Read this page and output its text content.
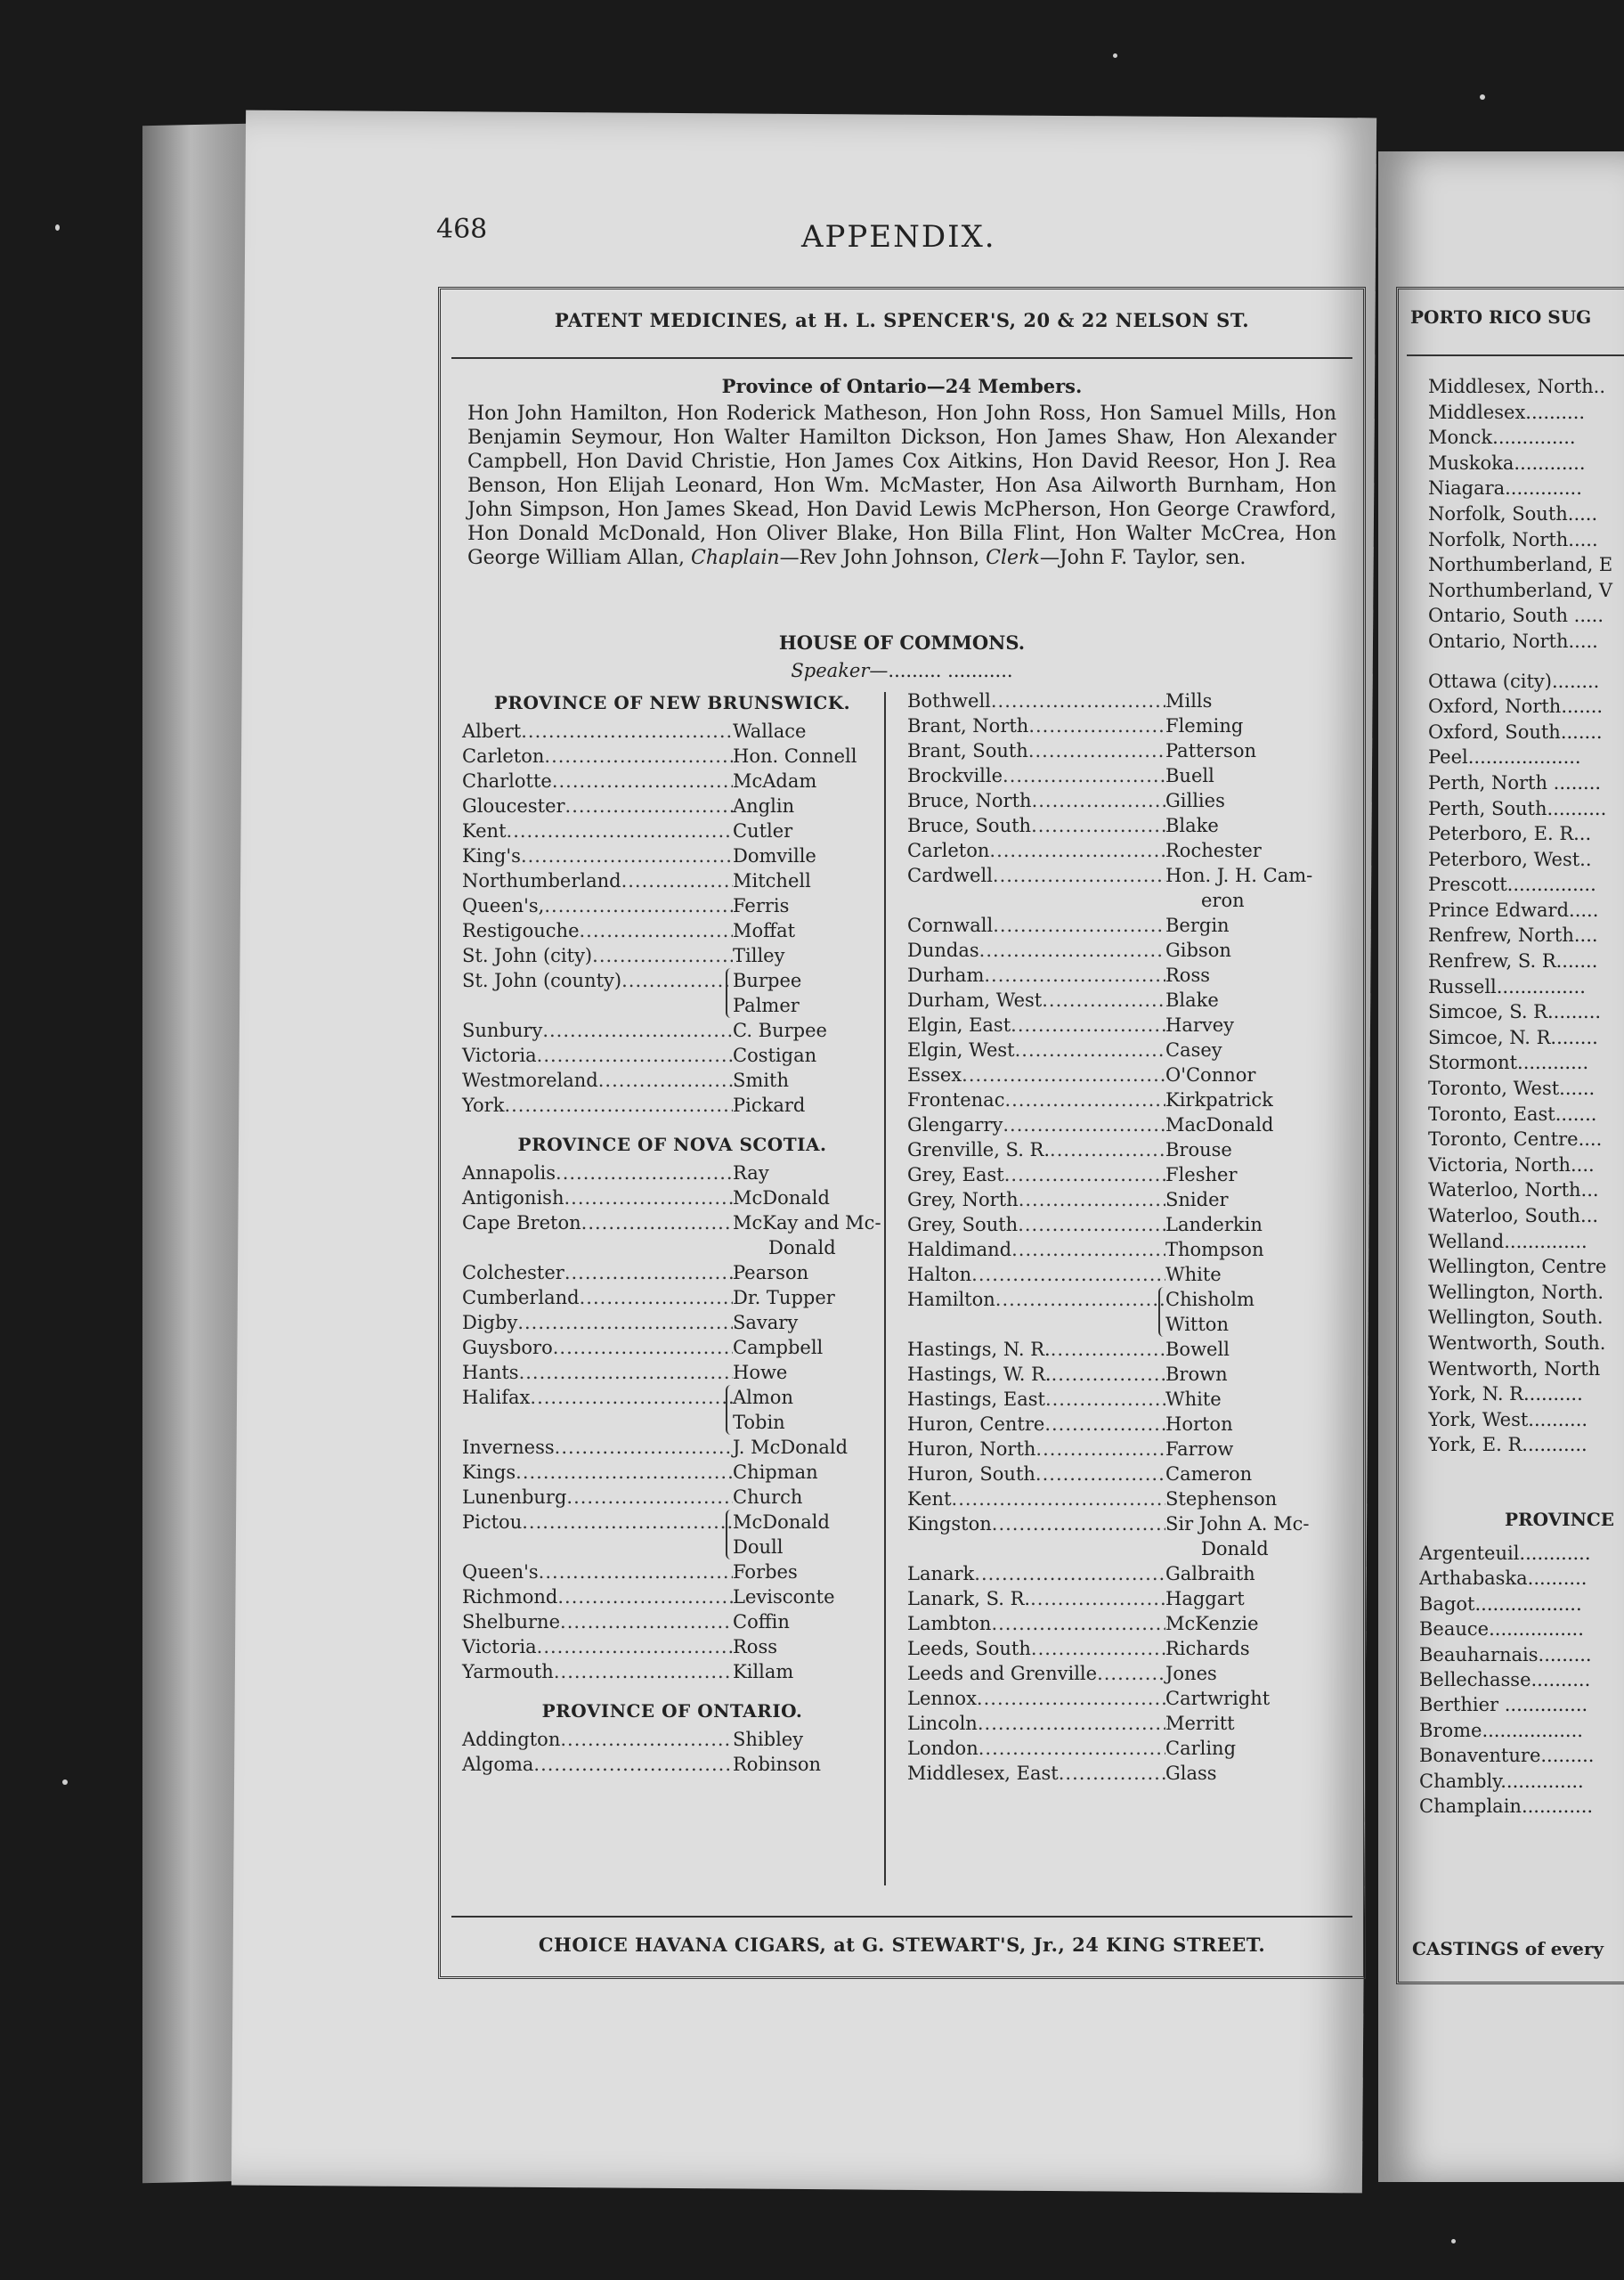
468	APPENDIX.
PATENT MEDICINES, at H. L. SPENCER'S, 20 & 22 NELSON ST.
Province of Ontario—24 Members.
Hon John Hamilton, Hon Roderick Matheson, Hon John Ross, Hon Samuel Mills, Hon Benjamin Seymour, Hon Walter Hamilton Dickson, Hon James Shaw, Hon Alexander Campbell, Hon David Christie, Hon James Cox Aitkins, Hon David Reesor, Hon J. Rea Benson, Hon Elijah Leonard, Hon Wm. McMaster, Hon Asa Ailworth Burnham, Hon John Simpson, Hon James Skead, Hon David Lewis McPherson, Hon George Crawford, Hon Donald McDonald, Hon Oliver Blake, Hon Billa Flint, Hon Walter McCrea, Hon George William Allan, Chaplain—Rev John Johnson, Clerk—John F. Taylor, sen.
HOUSE OF COMMONS.
Speaker—......... ...........
PROVINCE OF NEW BRUNSWICK.
Albert .....	Wallace
Carleton .....	Hon. Connell
Charlotte .....	McAdam
Gloucester .....	Anglin
Kent .....	Cutler
King's .....	Domville
Northumberland .....	Mitchell
Queen's, .....	Ferris
Restigouche .....	Moffat
St. John (city) .....	Tilley
St. John (county) .....	Burpee
Palmer
Sunbury .....	C. Burpee
Victoria .....	Costigan
Westmoreland .....	Smith
York .....	Pickard
PROVINCE OF NOVA SCOTIA.
Annapolis .....	Ray
Antigonish .....	McDonald
Cape Breton .....	McKay and Mc-
Donald
Colchester .....	Pearson
Cumberland .....	Dr. Tupper
Digby .....	Savary
Guysboro .....	Campbell
Hants .....	Howe
Halifax .....	Almon
Tobin
Inverness .....	J. McDonald
Kings .....	Chipman
Lunenburg .....	Church
Pictou .....	McDonald
Doull
Queen's .....	Forbes
Richmond .....	Levisconte
Shelburne .....	Coffin
Victoria .....	Ross
Yarmouth .....	Killam
PROVINCE OF ONTARIO.
Addington .....	Shibley
Algoma .....	Robinson
Bothwell .....	Mills
Brant, North .....	Fleming
Brant, South .....	Patterson
Brockville .....	Buell
Bruce, North .....	Gillies
Bruce, South .....	Blake
Carleton .....	Rochester
Cardwell .....	Hon. J. H. Cam-
eron
Cornwall .....	Bergin
Dundas .....	Gibson
Durham .....	Ross
Durham, West .....	Blake
Elgin, East .....	Harvey
Elgin, West .....	Casey
Essex .....	O'Connor
Frontenac .....	Kirkpatrick
Glengarry .....	MacDonald
Grenville, S. R. .....	Brouse
Grey, East .....	Flesher
Grey, North .....	Snider
Grey, South .....	Landerkin
Haldimand .....	Thompson
Halton .....	White
Hamilton .....	Chisholm
Witton
Hastings, N. R. .....	Bowell
Hastings, W. R. .....	Brown
Hastings, East .....	White
Huron, Centre .....	Horton
Huron, North .....	Farrow
Huron, South .....	Cameron
Kent .....	Stephenson
Kingston .....	Sir John A. Mc-
Donald
Lanark .....	Galbraith
Lanark, S. R. .....	Haggart
Lambton .....	McKenzie
Leeds, South .....	Richards
Leeds and Grenville .....	Jones
Lennox .....	Cartwright
Lincoln .....	Merritt
London .....	Carling
Middlesex, East .....	Glass
CHOICE HAVANA CIGARS, at G. STEWART'S, Jr., 24 KING STREET.
PORTO RICO SUG
Middlesex, North..
Middlesex..........
Monck..............
Muskoka............
Niagara.............
Norfolk, South.....
Norfolk, North.....
Northumberland, E
Northumberland, V
Ontario, South .....
Ontario, North.....
Ottawa (city)........
Oxford, North.......
Oxford, South.......
Peel...................
Perth, North ........
Perth, South..........
Peterboro, E. R...
Peterboro, West..
Prescott...............
Prince Edward.....
Renfrew, North....
Renfrew, S. R.......
Russell...............
Simcoe, S. R.........
Simcoe, N. R........
Stormont............
Toronto, West......
Toronto, East.......
Toronto, Centre....
Victoria, North....
Waterloo, North...
Waterloo, South...
Welland..............
Wellington, Centre
Wellington, North.
Wellington, South.
Wentworth, South.
Wentworth, North
York, N. R..........
York, West..........
York, E. R...........
PROVINCE
Argenteuil............
Arthabaska..........
Bagot..................
Beauce................
Beauharnais.........
Bellechasse..........
Berthier ..............
Brome.................
Bonaventure.........
Chambly..............
Champlain............
CASTINGS of every
